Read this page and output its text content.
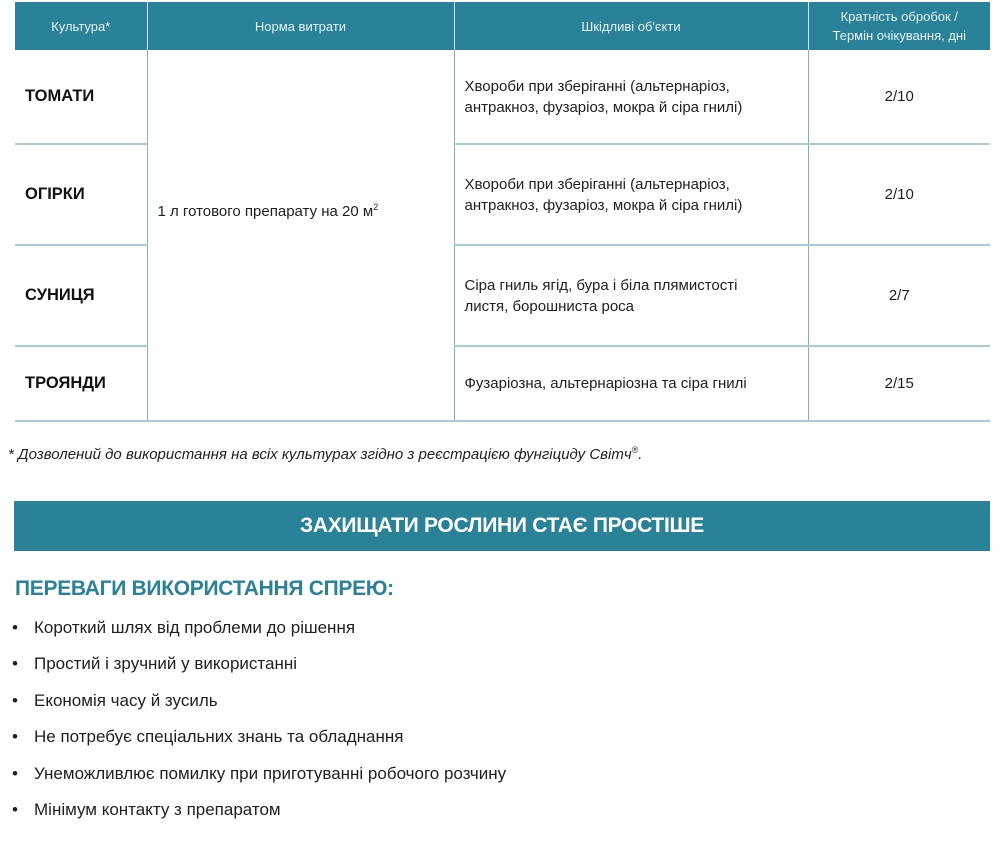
Культура*	Норма витрати	Шкідливі об'єкти	Кратність обробок /
Термін очікування, дні
ТОМАТИ	1 л готового препарату на 20 $м^2$	Хвороби при зберіганні (альтернаріоз,
антракноз, фузаріоз, мокра й сіра гнилі)	2/10
ОГІРКИ		Хвороби при зберіганні (альтернаріоз,
антракноз, фузаріоз, мокра й сіра гнилі)	2/10
СУНИЦЯ		Сіра гниль ягід, бура і біла плямистості
листя, борошниста роса	2/7
ТРОЯНДИ		Фузаріозна, альтернаріозна та сіра гнилі	2/15
* Дозволений до використання на всіх культурах згідно з реєстрацією фунгіциду Світч®.
ЗАХИЩАТИ РОСЛИНИ СТАЄ ПРОСТІШЕ
ПЕРЕВАГИ ВИКОРИСТАННЯ СПРЕЮ:
• Короткий шлях від проблеми до рішення
• Простий і зручний у використанні
• Економія часу й зусиль
• Не потребує спеціальних знань та обладнання
• Унеможливлює помилку при приготуванні робочого розчину
• Мінімум контакту з препаратом
